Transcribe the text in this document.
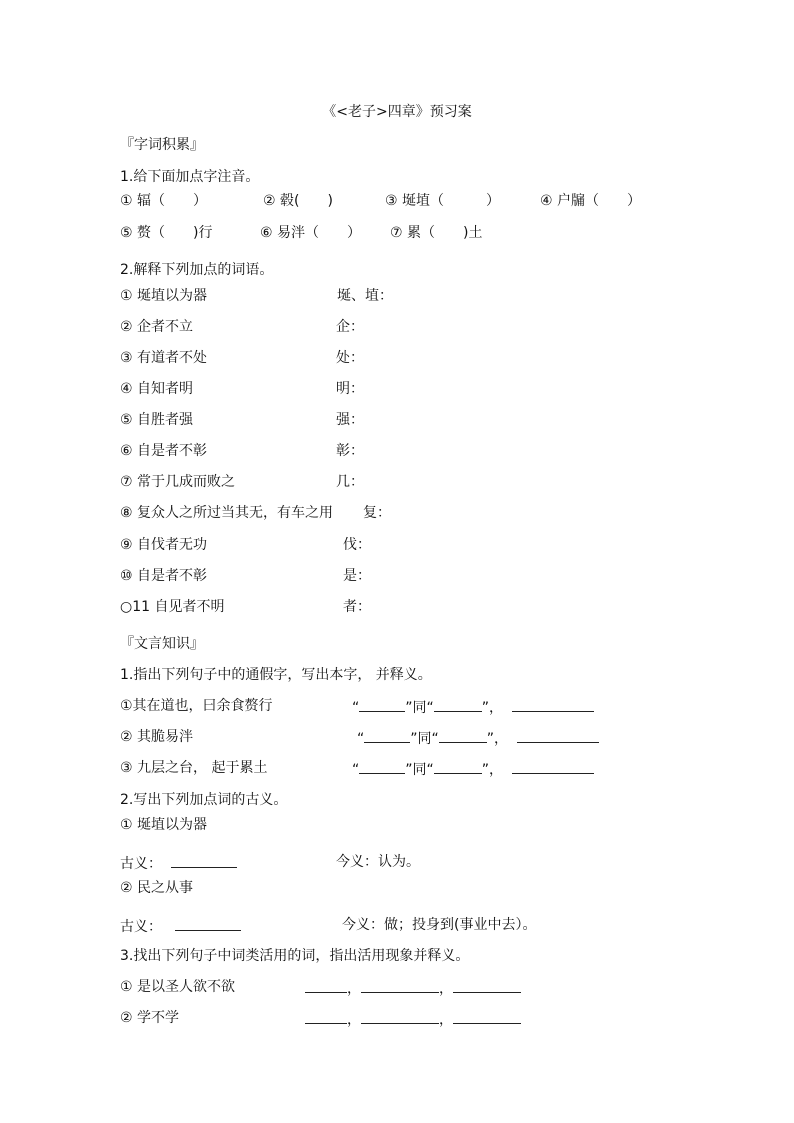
《<老子>四章》预习案
『字词积累』
1.给下面加点字注音。
① 辐（　　）	② 毂(　　)	③ 埏埴（　　　）	④ 户牖（　　）
⑤ 赘（　　)行	⑥ 易泮（　　） ⑦ 累（　　)土
2.解释下列加点的词语。
① 埏埴以为器	埏、埴：
② 企者不立	企：
③ 有道者不处	处：
④ 自知者明	明：
⑤ 自胜者强	强：
⑥ 自是者不彰	彰：
⑦ 常于几成而败之	几：
⑧ 复众人之所过当其无，有车之用 复：
⑨ 自伐者无功	伐：
⑩ 自是者不彰	是：
○11 自见者不明	者：
『文言知识』
1.指出下列句子中的通假字，写出本字， 并释义。
①其在道也，曰余食赘行	“	”同“	”，
② 其脆易泮	“	”同“	”，
③ 九层之台， 起于累土	“	”同“	”，
2.写出下列加点词的古义。
① 埏埴以为器
古义：	今义：认为。
② 民之从事
古义：	今义：做；投身到(事业中去）。
3.找出下列句子中词类活用的词，指出活用现象并释义。
① 是以圣人欲不欲	，	，
② 学不学	，	，
